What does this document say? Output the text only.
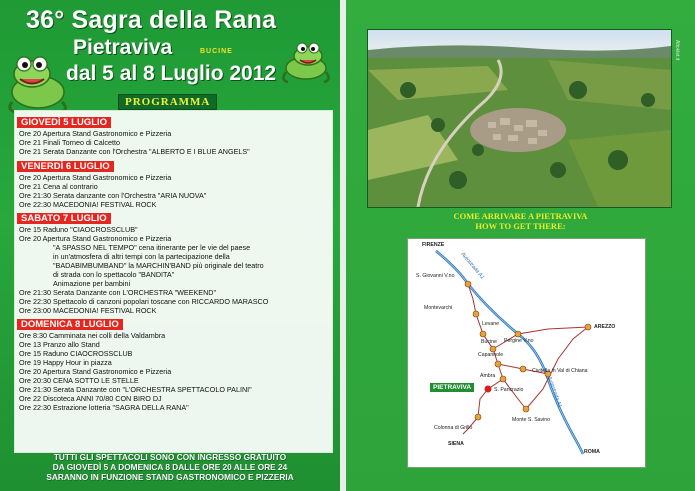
36° Sagra della Rana
Pietraviva	BUCINE
dal 5 al 8 Luglio 2012
PROGRAMMA
GIOVEDÌ 5 LUGLIO
Ore 20 Apertura Stand Gastronomico e Pizzeria
Ore 21 Finali Torneo di Calcetto
Ore 21 Serata Danzante con l'Orchestra "ALBERTO E I BLUE ANGELS"
VENERDÌ 6 LUGLIO
Ore 20 Apertura Stand Gastronomico e Pizzeria
Ore 21 Cena al contrario
Ore 21:30 Serata danzante con l'Orchestra "ARIA NUOVA"
Ore 22:30 MACEDONIA! FESTIVAL ROCK
SABATO 7 LUGLIO
Ore 15 Raduno "CIAOCROSSCLUB"
Ore 20 Apertura Stand Gastronomico e Pizzeria
"A SPASSO NEL TEMPO" cena itinerante per le vie del paese
in un'atmosfera di altri tempi con la partecipazione della
"BADABIMBUMBAND" la MARCHIN'BAND più originale del teatro
di strada con lo spettacolo "BANDITA"
Animazione per bambini
Ore 21:30 Serata Danzante con L'ORCHESTRA "WEEKEND"
Ore 22:30 Spettacolo di canzoni popolari toscane con RICCARDO MARASCO
Ore 23:00 MACEDONIA! FESTIVAL ROCK
DOMENICA 8 LUGLIO
Ore 8:30 Camminata nei colli della Valdambra
Ore 13 Pranzo allo Stand
Ore 15 Raduno CIAOCROSSCLUB
Ore 19 Happy Hour in piazza
Ore 20 Apertura Stand Gastronomico e Pizzeria
Ore 20:30 CENA SOTTO LE STELLE
Ore 21:30 Serata Danzante con "L'ORCHESTRA SPETTACOLO PALINI"
Ore 22 Discoteca ANNI 70/80 CON BIRO DJ
Ore 22:30 Estrazione lotteria "SAGRA DELLA RANA"
TUTTI GLI SPETTACOLI SONO CON INGRESSO GRATUITO
DA GIOVEDÌ 5 A DOMENICA 8 DALLE ORE 20 ALLE ORE 24
SARANNO IN FUNZIONE STAND GASTRONOMICO E PIZZERIA
COME ARRIVARE A PIETRAVIVA
HOW TO GET THERE:
Altoklet.it
FIRENZE
S. Giovanni V.no
Montevarchi
Levane
Bucine
Capannole
Pergine V.no
AREZZO
Ambra
S. Pancrazio
Civitella in Val di Chiana
PIETRAVIVA
Colonna di Grillo
Monte S. Savino
SIENA
ROMA
Autostrada A1
Autostrada A1
